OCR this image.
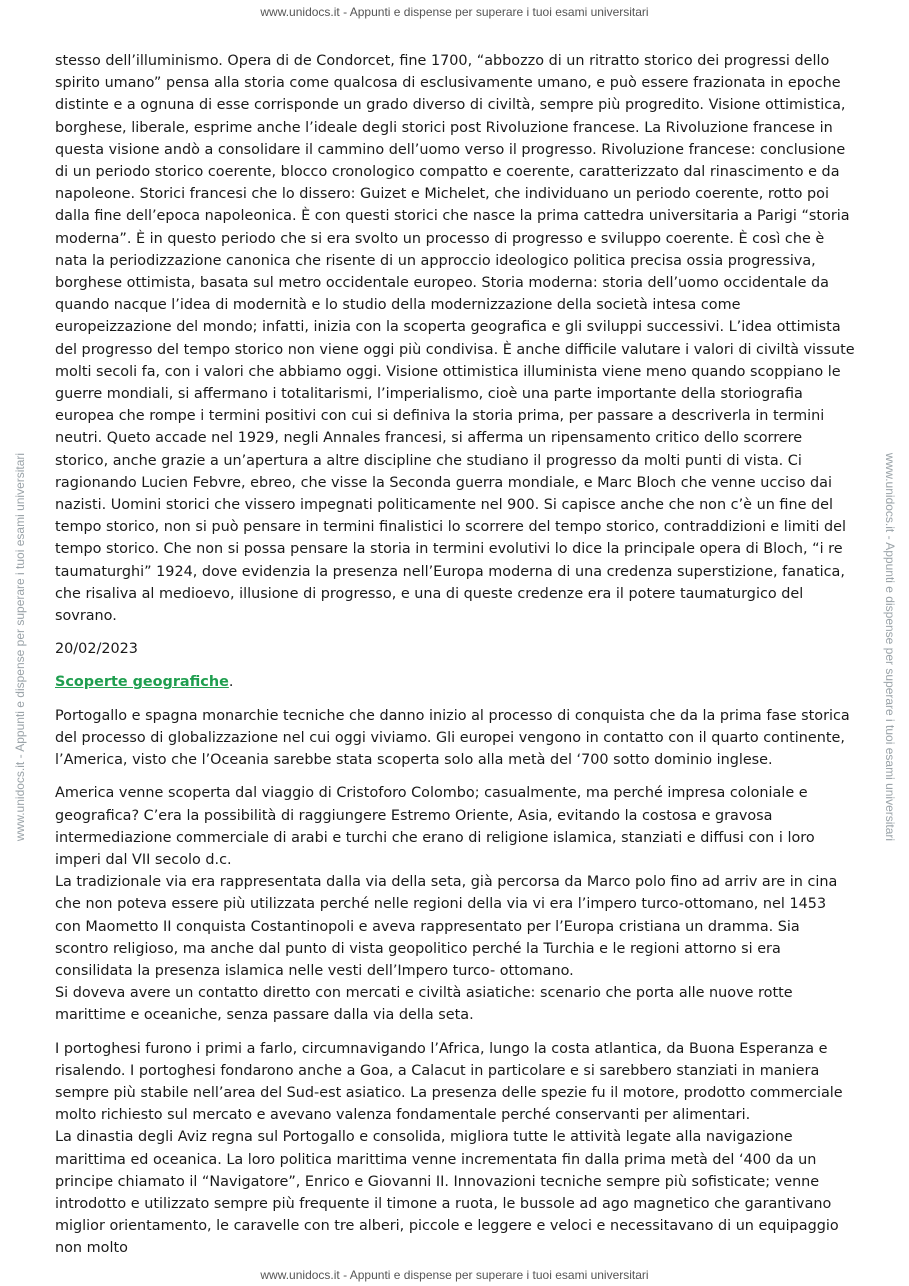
www.unidocs.it - Appunti e dispense per superare i tuoi esami universitari
www.unidocs.it - Appunti e dispense per superare i tuoi esami universitari	www.unidocs.it - Appunti e dispense per superare i tuoi esami universitari

stesso dell’illuminismo. Opera di de Condorcet, fine 1700, “abbozzo di un ritratto storico dei progressi dello spirito umano” pensa alla storia come qualcosa di esclusivamente umano, e può essere frazionata in epoche distinte e a ognuna di esse corrisponde un grado diverso di civiltà, sempre più progredito. Visione ottimistica, borghese, liberale, esprime anche l’ideale degli storici post Rivoluzione francese. La Rivoluzione francese in questa visione andò a consolidare il cammino dell’uomo verso il progresso. Rivoluzione francese: conclusione di un periodo storico coerente, blocco cronologico compatto e coerente, caratterizzato dal rinascimento e da napoleone. Storici francesi che lo dissero: Guizet e Michelet, che individuano un periodo coerente, rotto poi dalla fine dell’epoca napoleonica. È con questi storici che nasce la prima cattedra universitaria a Parigi “storia moderna”. È in questo periodo che si era svolto un processo di progresso e sviluppo coerente. È così che è nata la periodizzazione canonica che risente di un approccio ideologico politica precisa ossia progressiva, borghese ottimista, basata sul metro occidentale europeo. Storia moderna: storia dell’uomo occidentale da quando nacque l’idea di modernità e lo studio della modernizzazione della società intesa come europeizzazione del mondo; infatti, inizia con la scoperta geografica e gli sviluppi successivi. L’idea ottimista del progresso del tempo storico non viene oggi più condivisa. È anche difficile valutare i valori di civiltà vissute molti secoli fa, con i valori che abbiamo oggi. Visione ottimistica illuminista viene meno quando scoppiano le guerre mondiali, si affermano i totalitarismi, l’imperialismo, cioè una parte importante della storiografia europea che rompe i termini positivi con cui si definiva la storia prima, per passare a descriverla in termini neutri. Queto accade nel 1929, negli Annales francesi, si afferma un ripensamento critico dello scorrere storico, anche grazie a un’apertura a altre discipline che studiano il progresso da molti punti di vista. Ci ragionando Lucien Febvre, ebreo, che visse la Seconda guerra mondiale, e Marc Bloch che venne ucciso dai nazisti. Uomini storici che vissero impegnati politicamente nel 900. Si capisce anche che non c’è un fine del tempo storico, non si può pensare in termini finalistici lo scorrere del tempo storico, contraddizioni e limiti del tempo storico. Che non si possa pensare la storia in termini evolutivi lo dice la principale opera di Bloch, “i re taumaturghi” 1924, dove evidenzia la presenza nell’Europa moderna di una credenza superstizione, fanatica, che risaliva al medioevo, illusione di progresso, e una di queste credenze era il potere taumaturgico del sovrano.

20/02/2023

Scoperte geografiche.

Portogallo e spagna monarchie tecniche che danno inizio al processo di conquista che da la prima fase storica del processo di globalizzazione nel cui oggi viviamo. Gli europei vengono in contatto con il quarto continente, l’America, visto che l’Oceania sarebbe stata scoperta solo alla metà del ‘700 sotto dominio inglese.

America venne scoperta dal viaggio di Cristoforo Colombo; casualmente, ma perché impresa coloniale e geografica? C’era la possibilità di raggiungere Estremo Oriente, Asia, evitando la costosa e gravosa intermediazione commerciale di arabi e turchi che erano di religione islamica, stanziati e diffusi con i loro imperi dal VII secolo d.c.

La tradizionale via era rappresentata dalla via della seta, già percorsa da Marco polo fino ad arriv are in cina che non poteva essere più utilizzata perché nelle regioni della via vi era l’impero turco-ottomano, nel 1453 con Maometto II conquista Costantinopoli e aveva rappresentato per l’Europa cristiana un dramma. Sia scontro religioso, ma anche dal punto di vista geopolitico perché la Turchia e le regioni attorno si era consilidata la presenza islamica nelle vesti dell’Impero turco- ottomano.

Si doveva avere un contatto diretto con mercati e civiltà asiatiche: scenario che porta alle nuove rotte marittime e oceaniche, senza passare dalla via della seta.

I portoghesi furono i primi a farlo, circumnavigando l’Africa, lungo la costa atlantica, da Buona Esperanza e risalendo. I portoghesi fondarono anche a Goa, a Calacut in particolare e si sarebbero stanziati in maniera sempre più stabile nell’area del Sud-est asiatico. La presenza delle spezie fu il motore, prodotto commerciale molto richiesto sul mercato e avevano valenza fondamentale perché conservanti per alimentari.

La dinastia degli Aviz regna sul Portogallo e consolida, migliora tutte le attività legate alla navigazione marittima ed oceanica. La loro politica marittima venne incrementata fin dalla prima metà del ‘400 da un principe chiamato il “Navigatore”, Enrico e Giovanni II. Innovazioni tecniche sempre più sofisticate; venne introdotto e utilizzato sempre più frequente il timone a ruota, le bussole ad ago magnetico che garantivano miglior orientamento, le caravelle con tre alberi, piccole e leggere e veloci e necessitavano di un equipaggio non molto

www.unidocs.it - Appunti e dispense per superare i tuoi esami universitari
